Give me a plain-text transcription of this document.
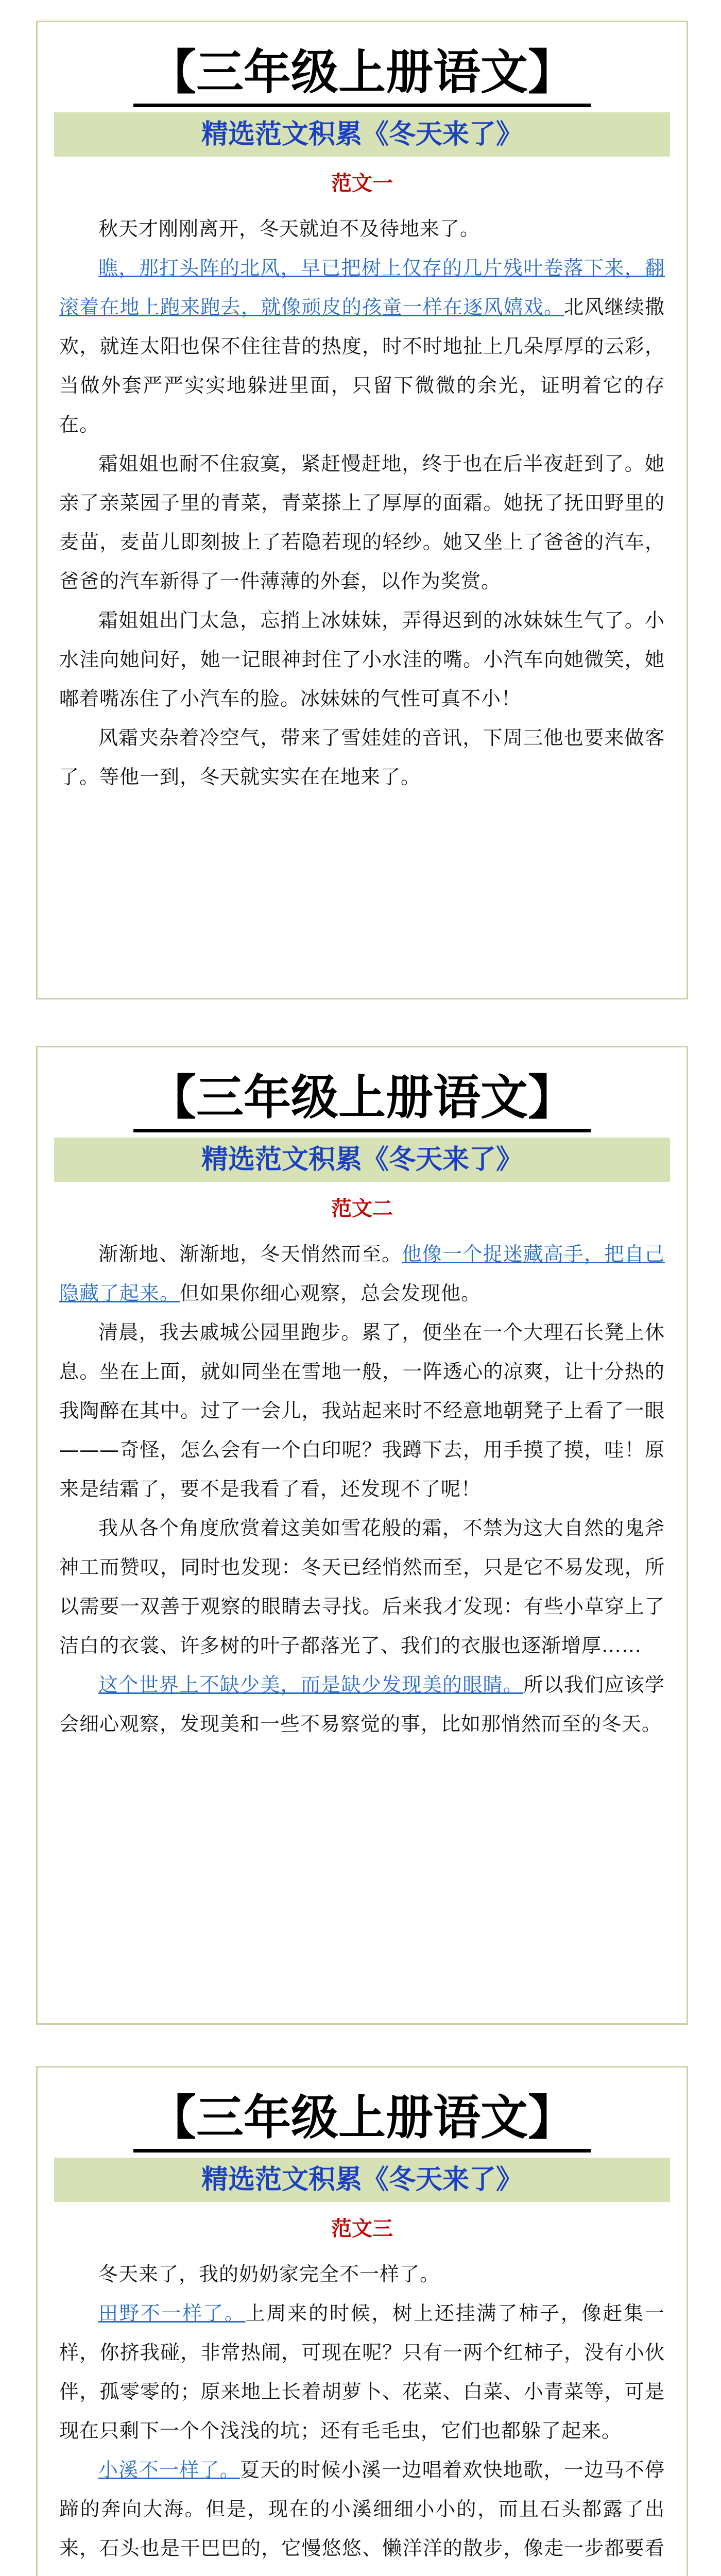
【三年级上册语文】
精选范文积累《冬天来了》
范文一

秋天才刚刚离开，冬天就迫不及待地来了。

瞧，那打头阵的北风，早已把树上仅存的几片残叶卷落下来，翻滚着在地上跑来跑去，就像顽皮的孩童一样在逐风嬉戏。北风继续撒欢，就连太阳也保不住往昔的热度，时不时地扯上几朵厚厚的云彩，当做外套严严实实地躲进里面，只留下微微的余光，证明着它的存在。

霜姐姐也耐不住寂寞，紧赶慢赶地，终于也在后半夜赶到了。她亲了亲菜园子里的青菜，青菜搽上了厚厚的面霜。她抚了抚田野里的麦苗，麦苗儿即刻披上了若隐若现的轻纱。她又坐上了爸爸的汽车，爸爸的汽车新得了一件薄薄的外套，以作为奖赏。

霜姐姐出门太急，忘捎上冰妹妹，弄得迟到的冰妹妹生气了。小水洼向她问好，她一记眼神封住了小水洼的嘴。小汽车向她微笑，她嘟着嘴冻住了小汽车的脸。冰妹妹的气性可真不小！

风霜夹杂着冷空气，带来了雪娃娃的音讯，下周三他也要来做客了。等他一到，冬天就实实在在地来了。

【三年级上册语文】
精选范文积累《冬天来了》
范文二

渐渐地、渐渐地，冬天悄然而至。他像一个捉迷藏高手，把自己隐藏了起来。但如果你细心观察，总会发现他。

清晨，我去戚城公园里跑步。累了，便坐在一个大理石长凳上休息。坐在上面，就如同坐在雪地一般，一阵透心的凉爽，让十分热的我陶醉在其中。过了一会儿，我站起来时不经意地朝凳子上看了一眼———奇怪，怎么会有一个白印呢？我蹲下去，用手摸了摸，哇！原来是结霜了，要不是我看了看，还发现不了呢！

我从各个角度欣赏着这美如雪花般的霜，不禁为这大自然的鬼斧神工而赞叹，同时也发现：冬天已经悄然而至，只是它不易发现，所以需要一双善于观察的眼睛去寻找。后来我才发现：有些小草穿上了洁白的衣裳、许多树的叶子都落光了、我们的衣服也逐渐增厚……

这个世界上不缺少美，而是缺少发现美的眼睛。所以我们应该学会细心观察，发现美和一些不易察觉的事，比如那悄然而至的冬天。

【三年级上册语文】
精选范文积累《冬天来了》
范文三

冬天来了，我的奶奶家完全不一样了。

田野不一样了。上周来的时候，树上还挂满了柿子，像赶集一样，你挤我碰，非常热闹，可现在呢？只有一两个红柿子，没有小伙伴，孤零零的；原来地上长着胡萝卜、花菜、白菜、小青菜等，可是现在只剩下一个个浅浅的坑；还有毛毛虫，它们也都躲了起来。

小溪不一样了。夏天的时候小溪一边唱着欢快地歌，一边马不停蹄的奔向大海。但是，现在的小溪细细小小的，而且石头都露了出来，石头也是干巴巴的，它慢悠悠、懒洋洋的散步，像走一步都要看
